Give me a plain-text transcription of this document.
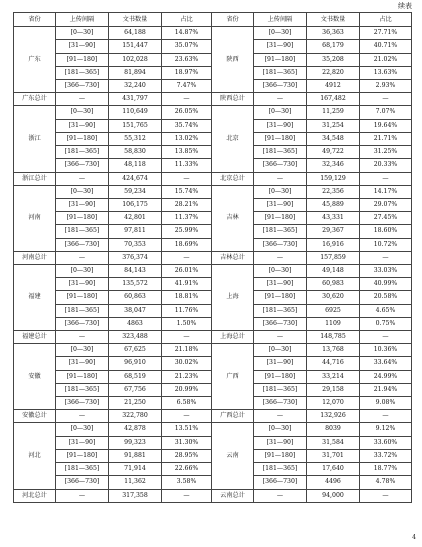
续表
省份	上传间隔	文书数量	占比	省份	上传间隔	文书数量	占比
广东	[0—30]	64,188	14.87%	陕西	[0—30]	36,363	27.71%
	[31—90]	151,447	35.07%		[31—90]	68,179	40.71%
	[91—180]	102,028	23.63%		[91—180]	35,208	21.02%
	[181—365]	81,894	18.97%		[181—365]	22,820	13.63%
	[366—730]	32,240	7.47%		[366—730]	4912	2.93%
广东总计	—	431,797	—	陕西总计	—	167,482	—
浙江	[0—30]	110,649	26.05%	北京	[0—30]	11,259	7.07%
	[31—90]	151,765	35.74%		[31—90]	31,254	19.64%
	[91—180]	55,312	13.02%		[91—180]	34,548	21.71%
	[181—365]	58,830	13.85%		[181—365]	49,722	31.25%
	[366—730]	48,118	11.33%		[366—730]	32,346	20.33%
浙江总计	—	424,674	—	北京总计	—	159,129	—
河南	[0—30]	59,234	15.74%	吉林	[0—30]	22,356	14.17%
	[31—90]	106,175	28.21%		[31—90]	45,889	29.07%
	[91—180]	42,801	11.37%		[91—180]	43,331	27.45%
	[181—365]	97,811	25.99%		[181—365]	29,367	18.60%
	[366—730]	70,353	18.69%		[366—730]	16,916	10.72%
河南总计	—	376,374	—	吉林总计	—	157,859	—
福建	[0—30]	84,143	26.01%	上海	[0—30]	49,148	33.03%
	[31—90]	135,572	41.91%		[31—90]	60,983	40.99%
	[91—180]	60,863	18.81%		[91—180]	30,620	20.58%
	[181—365]	38,047	11.76%		[181—365]	6925	4.65%
	[366—730]	4863	1.50%		[366—730]	1109	0.75%
福建总计	—	323,488	—	上海总计	—	148,785	—
安徽	[0—30]	67,625	21.18%	广西	[0—30]	13,768	10.36%
	[31—90]	96,910	30.02%		[31—90]	44,716	33.64%
	[91—180]	68,519	21.23%		[91—180]	33,214	24.99%
	[181—365]	67,756	20.99%		[181—365]	29,158	21.94%
	[366—730]	21,250	6.58%		[366—730]	12,070	9.08%
安徽总计	—	322,780	—	广西总计	—	132,926	—
河北	[0—30]	42,878	13.51%	云南	[0—30]	8039	9.12%
	[31—90]	99,323	31.30%		[31—90]	31,584	33.60%
	[91—180]	91,881	28.95%		[91—180]	31,701	33.72%
	[181—365]	71,914	22.66%		[181—365]	17,640	18.77%
	[366—730]	11,362	3.58%		[366—730]	4496	4.78%
河北总计	—	317,358	—	云南总计	—	94,000	—
4
